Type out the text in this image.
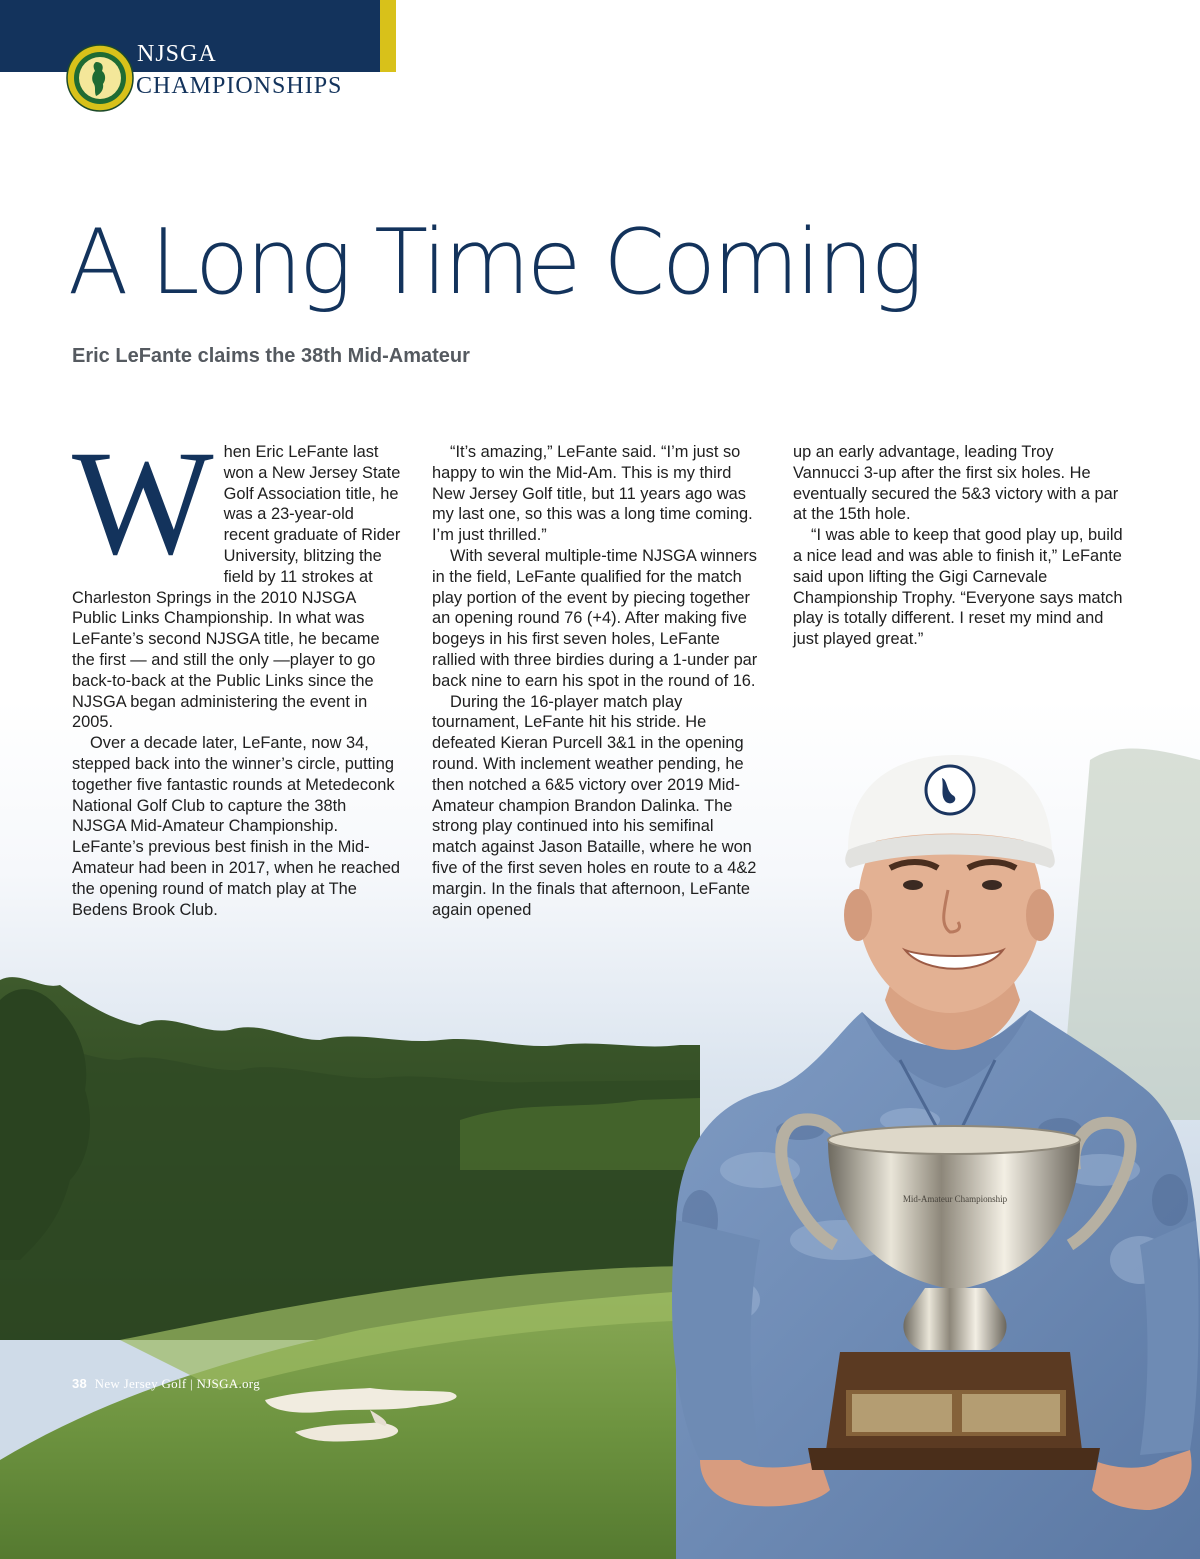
Mid-Amateur Championship
NJSGA
CHAMPIONSHIPS
A Long Time Coming
Eric LeFante claims the 38th Mid-Amateur
W hen Eric LeFante last won a New Jersey State Golf Association title, he was a 23-year-old recent graduate of Rider University, blitzing the field by 11 strokes at Charleston Springs in the 2010 NJSGA Public Links Championship. In what was LeFante’s second NJSGA title, he became the first — and still the only —player to go back-to-back at the Public Links since the NJSGA began administering the event in 2005.

Over a decade later, LeFante, now 34, stepped back into the winner’s circle, putting together five fantastic rounds at Metedeconk National Golf Club to capture the 38th NJSGA Mid-Amateur Championship. LeFante’s previous best finish in the Mid-Amateur had been in 2017, when he reached the opening round of match play at The Bedens Brook Club.

“It’s amazing,” LeFante said. “I’m just so happy to win the Mid-Am. This is my third New Jersey Golf title, but 11 years ago was my last one, so this was a long time coming. I’m just thrilled.”

With several multiple-time NJSGA winners in the field, LeFante qualified for the match play portion of the event by piecing together an opening round 76 (+4). After making five bogeys in his first seven holes, LeFante rallied with three birdies during a 1-under par back nine to earn his spot in the round of 16.

During the 16-player match play tournament, LeFante hit his stride. He defeated Kieran Purcell 3&1 in the opening round. With inclement weather pending, he then notched a 6&5 victory over 2019 Mid-Amateur champion Brandon Dalinka. The strong play continued into his semifinal match against Jason Bataille, where he won five of the first seven holes en route to a 4&2 margin. In the finals that afternoon, LeFante again opened

up an early advantage, leading Troy Vannucci 3-up after the first six holes. He eventually secured the 5&3 victory with a par at the 15th hole.

“I was able to keep that good play up, build a nice lead and was able to finish it,” LeFante said upon lifting the Gigi Carnevale Championship Trophy. “Everyone says match play is totally different. I reset my mind and just played great.”

38 New Jersey Golf | NJSGA.org
